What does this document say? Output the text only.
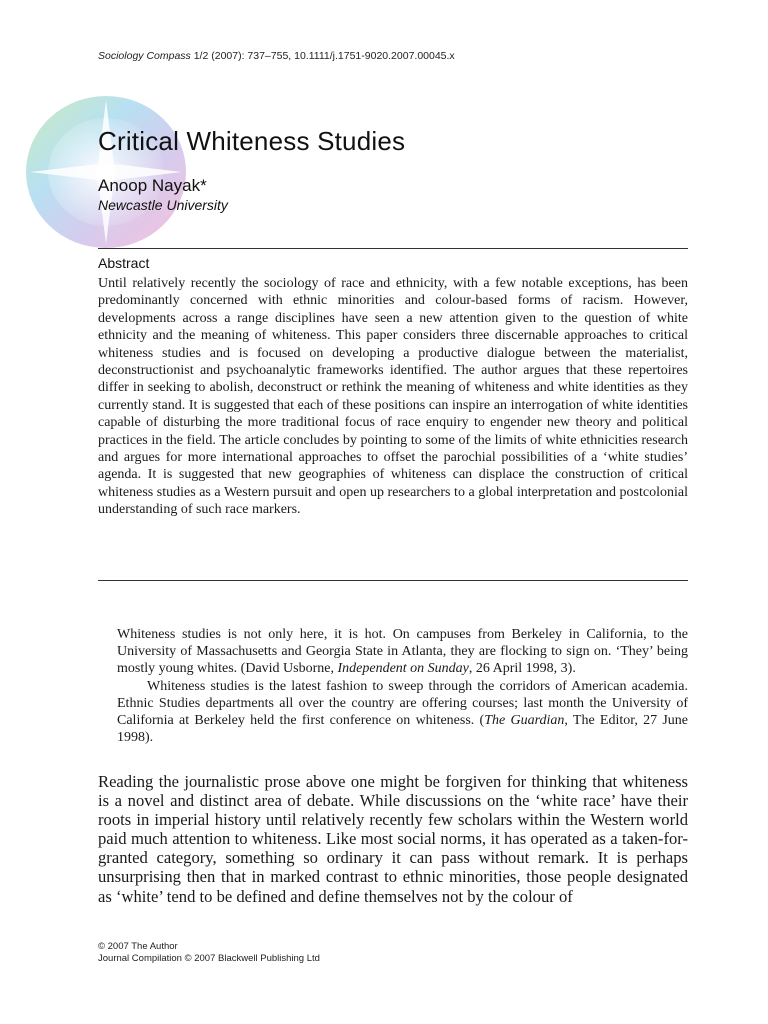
Sociology Compass 1/2 (2007): 737–755, 10.1111/j.1751-9020.2007.00045.x
Critical Whiteness Studies
Anoop Nayak*
Newcastle University
Abstract

Until relatively recently the sociology of race and ethnicity, with a few notable exceptions, has been predominantly concerned with ethnic minorities and colour-based forms of racism. However, developments across a range disciplines have seen a new attention given to the question of white ethnicity and the meaning of whiteness. This paper considers three discernable approaches to critical whiteness studies and is focused on developing a productive dialogue between the materialist, deconstructionist and psychoanalytic frameworks identified. The author argues that these repertoires differ in seeking to abolish, deconstruct or rethink the meaning of whiteness and white identities as they currently stand. It is suggested that each of these positions can inspire an interrogation of white identities capable of disturbing the more traditional focus of race enquiry to engender new theory and political practices in the field. The article concludes by pointing to some of the limits of white ethnicities research and argues for more international approaches to offset the parochial possibilities of a ‘white studies’ agenda. It is suggested that new geographies of whiteness can displace the construction of critical whiteness studies as a Western pursuit and open up researchers to a global interpretation and postcolonial understanding of such race markers.

Whiteness studies is not only here, it is hot. On campuses from Berkeley in California, to the University of Massachusetts and Georgia State in Atlanta, they are flocking to sign on. ‘They’ being mostly young whites. (David Usborne, Independent on Sunday, 26 April 1998, 3).

Whiteness studies is the latest fashion to sweep through the corridors of American academia. Ethnic Studies departments all over the country are offering courses; last month the University of California at Berkeley held the first conference on whiteness. (The Guardian, The Editor, 27 June 1998).

Reading the journalistic prose above one might be forgiven for thinking that whiteness is a novel and distinct area of debate. While discussions on the ‘white race’ have their roots in imperial history until relatively recently few scholars within the Western world paid much attention to whiteness. Like most social norms, it has operated as a taken-for-granted category, something so ordinary it can pass without remark. It is perhaps unsurprising then that in marked contrast to ethnic minorities, those people designated as ‘white’ tend to be defined and define themselves not by the colour of

© 2007 The Author
Journal Compilation © 2007 Blackwell Publishing Ltd
